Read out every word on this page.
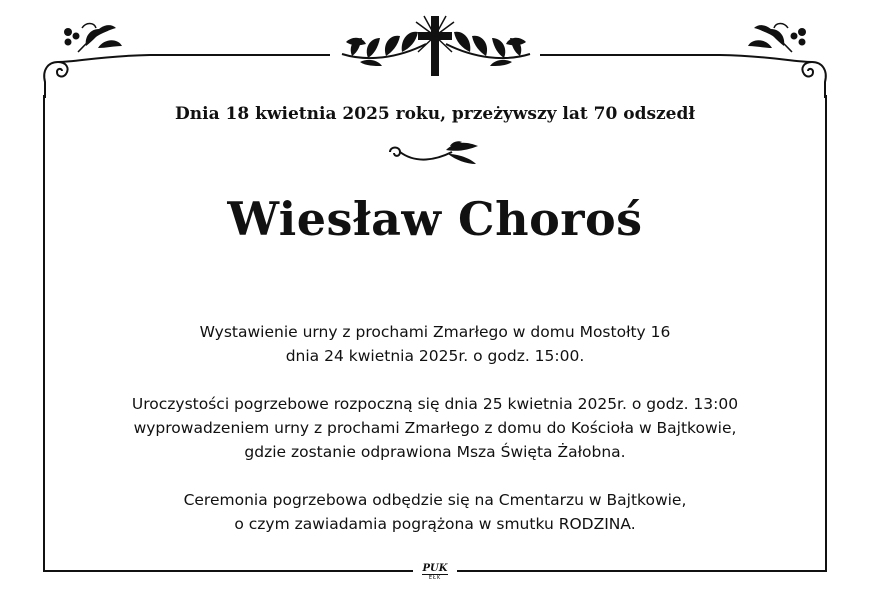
Dnia 18 kwietnia 2025 roku, przeżywszy lat 70 odszedł
Wiesław Choroś
Wystawienie urny z prochami Zmarłego w domu Mostołty 16
dnia 24 kwietnia 2025r. o godz. 15:00.
Uroczystości pogrzebowe rozpoczną się dnia 25 kwietnia 2025r. o godz. 13:00
wyprowadzeniem urny z prochami Zmarłego z domu do Kościoła w Bajtkowie,
gdzie zostanie odprawiona Msza Święta Żałobna.
Ceremonia pogrzebowa odbędzie się na Cmentarzu w Bajtkowie,
o czym zawiadamia pogrążona w smutku RODZINA.
PUK
EŁK
